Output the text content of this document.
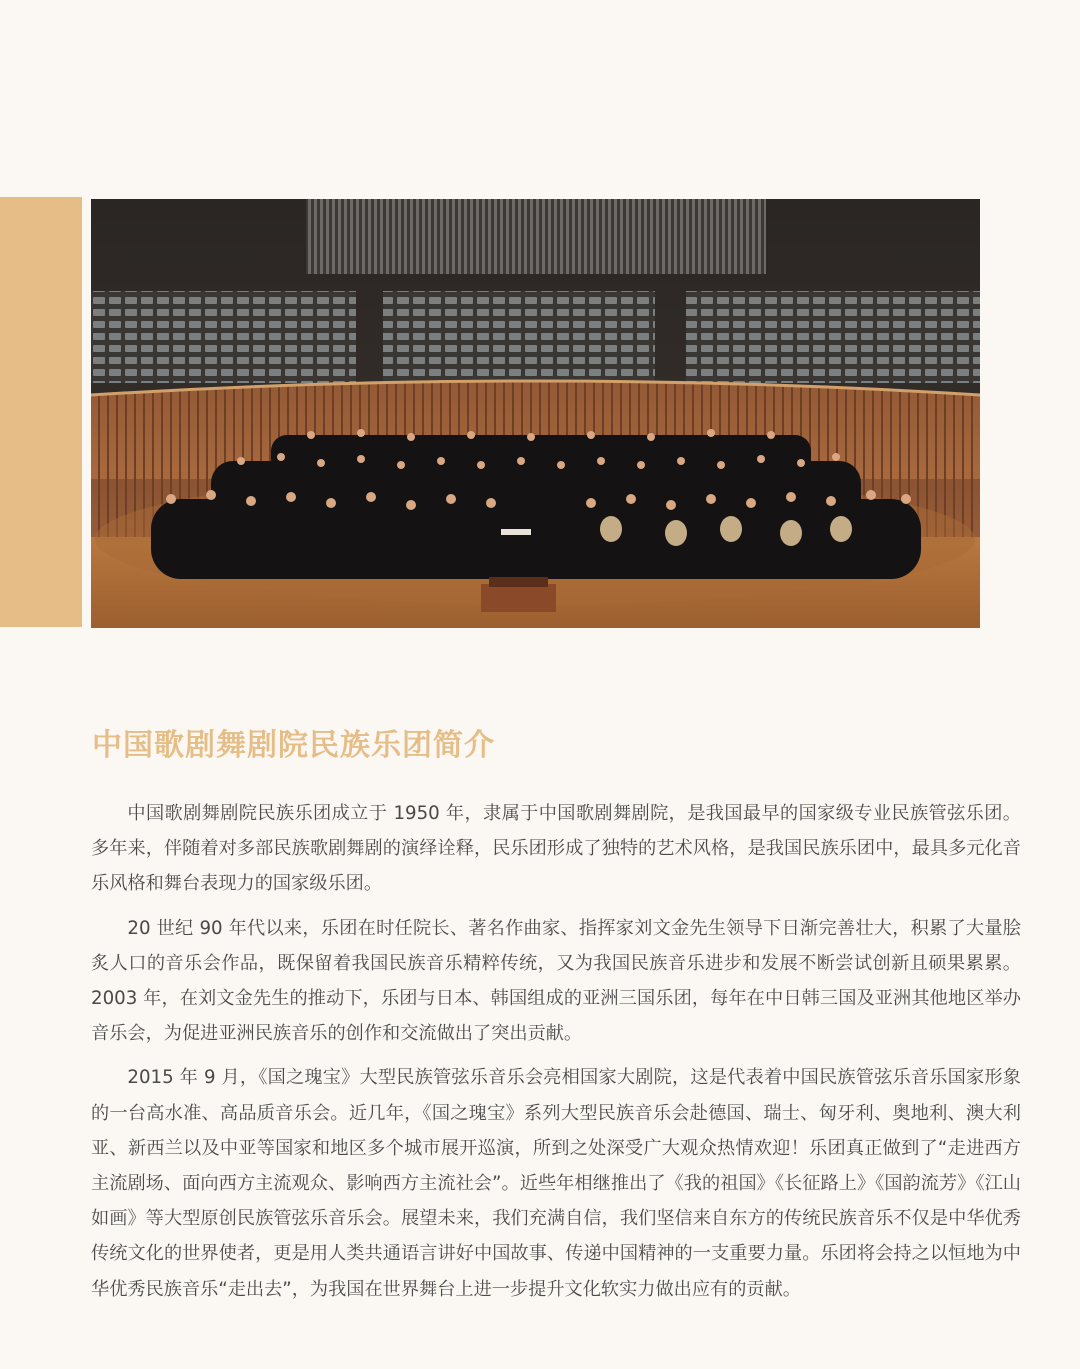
中国歌剧舞剧院民族乐团简介

中国歌剧舞剧院民族乐团成立于 1950 年，隶属于中国歌剧舞剧院，是我国最早的国家级专业民族管弦乐团。多年来，伴随着对多部民族歌剧舞剧的演绎诠释，民乐团形成了独特的艺术风格，是我国民族乐团中，最具多元化音乐风格和舞台表现力的国家级乐团。

20 世纪 90 年代以来，乐团在时任院长、著名作曲家、指挥家刘文金先生领导下日渐完善壮大，积累了大量脍炙人口的音乐会作品，既保留着我国民族音乐精粹传统，又为我国民族音乐进步和发展不断尝试创新且硕果累累。2003 年，在刘文金先生的推动下，乐团与日本、韩国组成的亚洲三国乐团，每年在中日韩三国及亚洲其他地区举办音乐会，为促进亚洲民族音乐的创作和交流做出了突出贡献。

2015 年 9 月，《国之瑰宝》大型民族管弦乐音乐会亮相国家大剧院，这是代表着中国民族管弦乐音乐国家形象的一台高水准、高品质音乐会。近几年，《国之瑰宝》系列大型民族音乐会赴德国、瑞士、匈牙利、奥地利、澳大利亚、新西兰以及中亚等国家和地区多个城市展开巡演，所到之处深受广大观众热情欢迎！乐团真正做到了“走进西方主流剧场、面向西方主流观众、影响西方主流社会”。近些年相继推出了《我的祖国》《长征路上》《国韵流芳》《江山如画》等大型原创民族管弦乐音乐会。展望未来，我们充满自信，我们坚信来自东方的传统民族音乐不仅是中华优秀传统文化的世界使者，更是用人类共通语言讲好中国故事、传递中国精神的一支重要力量。乐团将会持之以恒地为中华优秀民族音乐“走出去”，为我国在世界舞台上进一步提升文化软实力做出应有的贡献。
